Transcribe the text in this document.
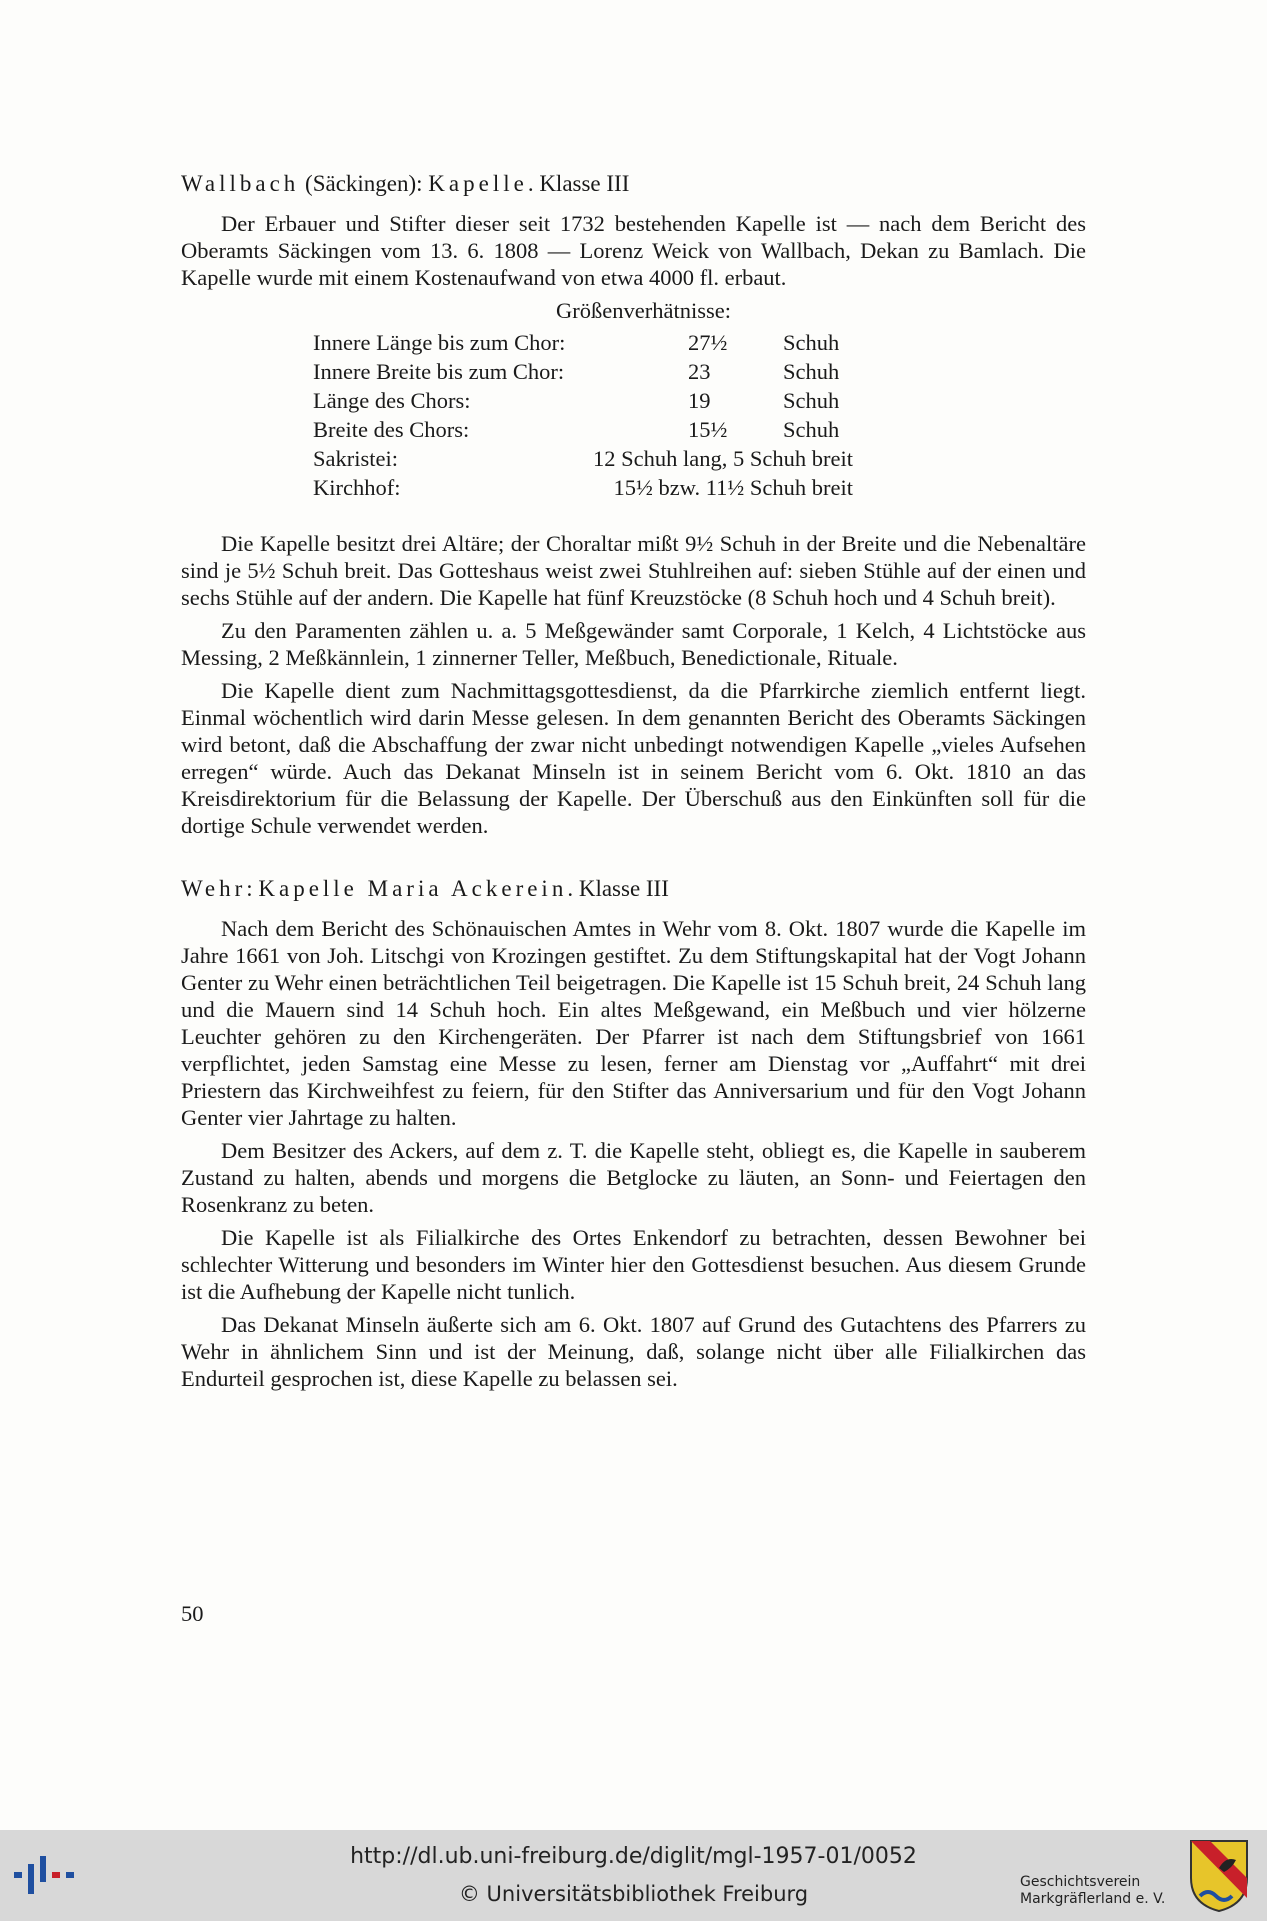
Wallbach (Säckingen): Kapelle. Klasse III

Der Erbauer und Stifter dieser seit 1732 bestehenden Kapelle ist — nach dem Bericht des Oberamts Säckingen vom 13. 6. 1808 — Lorenz Weick von Wallbach, Dekan zu Bamlach. Die Kapelle wurde mit einem Kostenaufwand von etwa 4000 fl. erbaut.

Größenverhätnisse:
Innere Länge bis zum Chor:		27½	Schuh
Innere Breite bis zum Chor:		23	Schuh
Länge des Chors:		19	Schuh
Breite des Chors:		15½	Schuh
Sakristei:	12 Schuh lang, 5 Schuh breit		
Kirchhof:	15½ bzw. 11½ Schuh breit		

Die Kapelle besitzt drei Altäre; der Choraltar mißt 9½ Schuh in der Breite und die Nebenaltäre sind je 5½ Schuh breit. Das Gotteshaus weist zwei Stuhlreihen auf: sieben Stühle auf der einen und sechs Stühle auf der andern. Die Kapelle hat fünf Kreuzstöcke (8 Schuh hoch und 4 Schuh breit).

Zu den Paramenten zählen u. a. 5 Meßgewänder samt Corporale, 1 Kelch, 4 Lichtstöcke aus Messing, 2 Meßkännlein, 1 zinnerner Teller, Meßbuch, Benedictionale, Rituale.

Die Kapelle dient zum Nachmittagsgottesdienst, da die Pfarrkirche ziemlich entfernt liegt. Einmal wöchentlich wird darin Messe gelesen. In dem genannten Bericht des Oberamts Säckingen wird betont, daß die Abschaffung der zwar nicht unbedingt notwendigen Kapelle „vieles Aufsehen erregen“ würde. Auch das Dekanat Minseln ist in seinem Bericht vom 6. Okt. 1810 an das Kreisdirektorium für die Belassung der Kapelle. Der Überschuß aus den Einkünften soll für die dortige Schule verwendet werden.

Wehr: Kapelle Maria Ackerein. Klasse III

Nach dem Bericht des Schönauischen Amtes in Wehr vom 8. Okt. 1807 wurde die Kapelle im Jahre 1661 von Joh. Litschgi von Krozingen gestiftet. Zu dem Stiftungskapital hat der Vogt Johann Genter zu Wehr einen beträchtlichen Teil beigetragen. Die Kapelle ist 15 Schuh breit, 24 Schuh lang und die Mauern sind 14 Schuh hoch. Ein altes Meßgewand, ein Meßbuch und vier hölzerne Leuchter gehören zu den Kirchengeräten. Der Pfarrer ist nach dem Stiftungsbrief von 1661 verpflichtet, jeden Samstag eine Messe zu lesen, ferner am Dienstag vor „Auffahrt“ mit drei Priestern das Kirchweihfest zu feiern, für den Stifter das Anniversarium und für den Vogt Johann Genter vier Jahrtage zu halten.

Dem Besitzer des Ackers, auf dem z. T. die Kapelle steht, obliegt es, die Kapelle in sauberem Zustand zu halten, abends und morgens die Betglocke zu läuten, an Sonn- und Feiertagen den Rosenkranz zu beten.

Die Kapelle ist als Filialkirche des Ortes Enkendorf zu betrachten, dessen Bewohner bei schlechter Witterung und besonders im Winter hier den Gottesdienst besuchen. Aus diesem Grunde ist die Aufhebung der Kapelle nicht tunlich.

Das Dekanat Minseln äußerte sich am 6. Okt. 1807 auf Grund des Gutachtens des Pfarrers zu Wehr in ähnlichem Sinn und ist der Meinung, daß, solange nicht über alle Filialkirchen das Endurteil gesprochen ist, diese Kapelle zu belassen sei.

50
http://dl.ub.uni-freiburg.de/diglit/mgl-1957-01/0052
© Universitätsbibliothek Freiburg	Geschichtsverein
Markgräflerland e. V.
